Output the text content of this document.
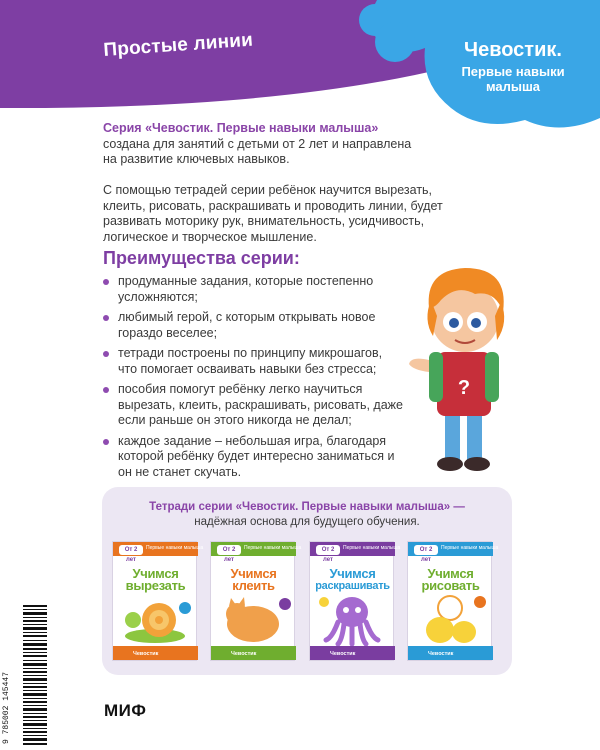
Простые линии	Чевостик.
Первые навыки
малыша
Серия «Чевостик. Первые навыки малыша»
создана для занятий с детьми от 2 лет и направлена
на развитие ключевых навыков.
С помощью тетрадей серии ребёнок научится вырезать, клеить, рисовать, раскрашивать и проводить линии, будет развивать моторику рук, внимательность, усидчивость, логическое и творческое мышление.
Преимущества серии:
продуманные задания, которые постепенно усложняются;
любимый герой, с которым открывать новое гораздо веселее;
тетради построены по принципу микрошагов, что помогает осваивать навыки без стресса;
пособия помогут ребёнку легко научиться вырезать, клеить, раскрашивать, рисовать, даже если раньше он этого никогда не делал;
каждое задание – небольшая игра, благодаря которой ребёнку будет интересно заниматься и он не станет скучать.
?
Тетради серии «Чевостик. Первые навыки малыша» —
надёжная основа для будущего обучения.
От 2 лет
Первые навыки малыша
Учимся
вырезать
Чевостик
От 2 лет
Первые навыки малыша
Учимся
клеить
Чевостик
От 2 лет
Первые навыки малыша
Учимся
раскрашивать
Чевостик
От 2 лет
Первые навыки малыша
Учимся
рисовать
Чевостик
9 785002 145447	МИФ
